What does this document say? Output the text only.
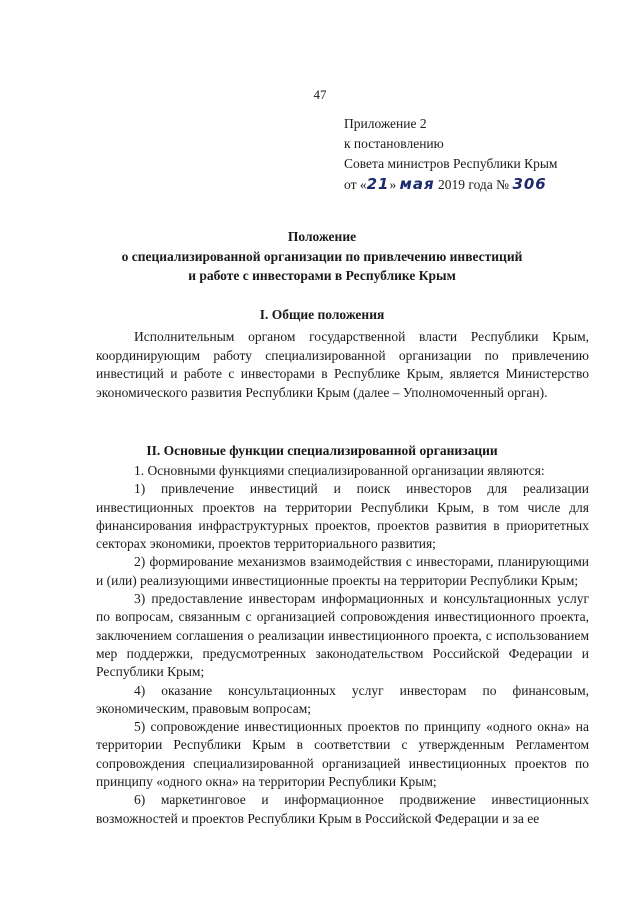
47
Приложение 2
к постановлению
Совета министров Республики Крым
от «21» мая 2019 года № 306
Положение
о специализированной организации по привлечению инвестиций
и работе с инвесторами в Республике Крым
I. Общие положения

Исполнительным органом государственной власти Республики Крым, координирующим работу специализированной организации по привлечению инвестиций и работе с инвесторами в Республике Крым, является Министерство экономического развития Республики Крым (далее – Уполномоченный орган).

II. Основные функции специализированной организации

1. Основными функциями специализированной организации являются:

1) привлечение инвестиций и поиск инвесторов для реализации инвестиционных проектов на территории Республики Крым, в том числе для финансирования инфраструктурных проектов, проектов развития в приоритетных секторах экономики, проектов территориального развития;

2) формирование механизмов взаимодействия с инвесторами, планирующими и (или) реализующими инвестиционные проекты на территории Республики Крым;

3) предоставление инвесторам информационных и консультационных услуг по вопросам, связанным с организацией сопровождения инвестиционного проекта, заключением соглашения о реализации инвестиционного проекта, с использованием мер поддержки, предусмотренных законодательством Российской Федерации и Республики Крым;

4) оказание консультационных услуг инвесторам по финансовым, экономическим, правовым вопросам;

5) сопровождение инвестиционных проектов по принципу «одного окна» на территории Республики Крым в соответствии с утвержденным Регламентом сопровождения специализированной организацией инвестиционных проектов по принципу «одного окна» на территории Республики Крым;

6) маркетинговое и информационное продвижение инвестиционных возможностей и проектов Республики Крым в Российской Федерации и за ее
